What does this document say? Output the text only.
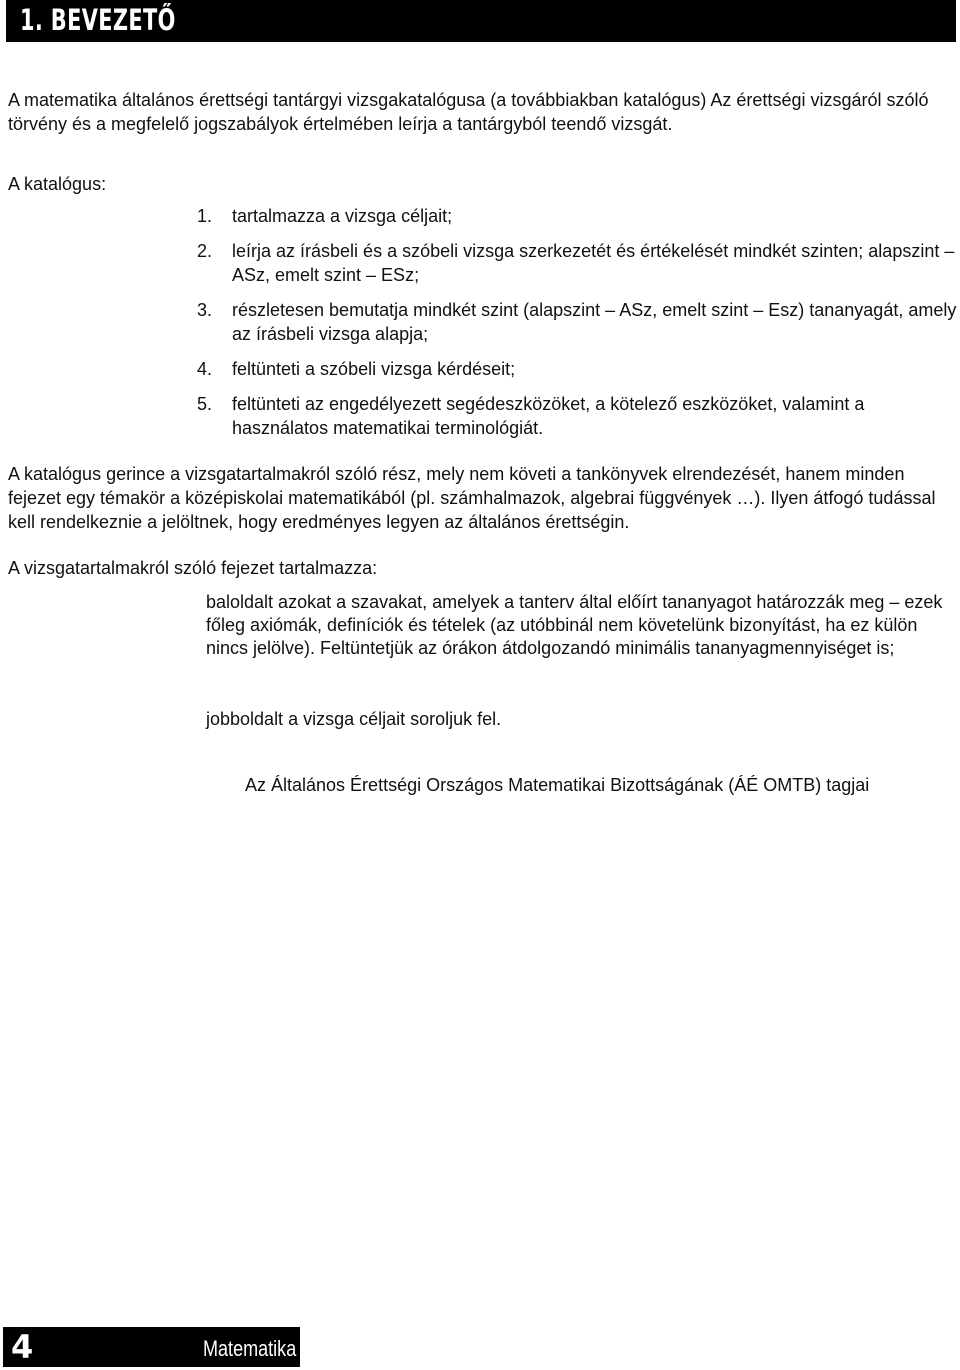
1. BEVEZETŐ

A matematika általános érettségi tantárgyi vizsgakatalógusa (a továbbiakban katalógus) Az érettségi vizsgáról szóló törvény és a megfelelő jogszabályok értelmében leírja a tantárgyból teendő vizsgát.

A katalógus:

1. tartalmazza a vizsga céljait;
2. leírja az írásbeli és a szóbeli vizsga szerkezetét és értékelését mindkét szinten; alapszint – ASz, emelt szint – ESz;
3. részletesen bemutatja mindkét szint (alapszint – ASz, emelt szint – Esz) tananyagát, amely az írásbeli vizsga alapja;
4. feltünteti a szóbeli vizsga kérdéseit;
5. feltünteti az engedélyezett segédeszközöket, a kötelező eszközöket, valamint a használatos matematikai terminológiát.

A katalógus gerince a vizsgatartalmakról szóló rész, mely nem követi a tankönyvek elrendezését, hanem minden fejezet egy témakör a középiskolai matematikából (pl. számhalmazok, algebrai függvények …). Ilyen átfogó tudással kell rendelkeznie a jelöltnek, hogy eredményes legyen az általános érettségin.

A vizsgatartalmakról szóló fejezet tartalmazza:

baloldalt azokat a szavakat, amelyek a tanterv által előírt tananyagot határozzák meg – ezek főleg axiómák, definíciók és tételek (az utóbbinál nem követelünk bizonyítást, ha ez külön nincs jelölve). Feltüntetjük az órákon átdolgozandó minimális tananyagmennyiséget is;

jobboldalt a vizsga céljait soroljuk fel.

Az Általános Érettségi Országos Matematikai Bizottságának (ÁÉ OMTB) tagjai
4	Matematika
